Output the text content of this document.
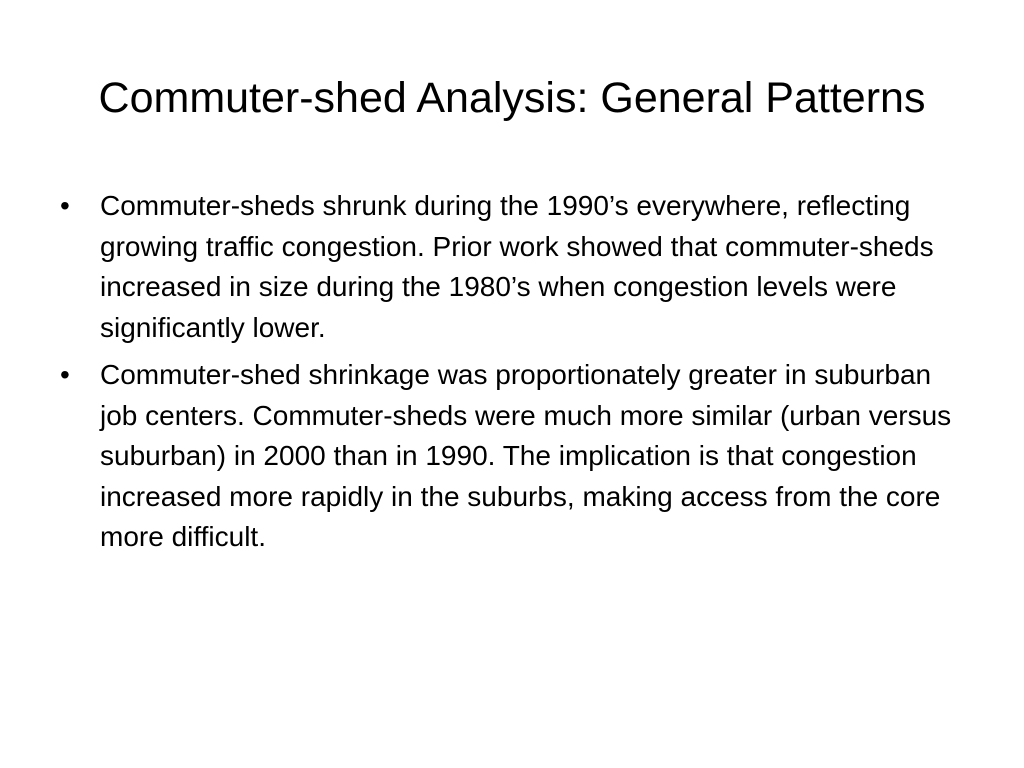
Commuter-shed Analysis: General Patterns
•	Commuter-sheds shrunk during the 1990’s everywhere, reflecting growing traffic congestion. Prior work showed that commuter-sheds increased in size during the 1980’s when congestion levels were significantly lower.
•	Commuter-shed shrinkage was proportionately greater in suburban job centers. Commuter-sheds were much more similar (urban versus suburban) in 2000 than in 1990. The implication is that congestion increased more rapidly in the suburbs, making access from the core more difficult.
